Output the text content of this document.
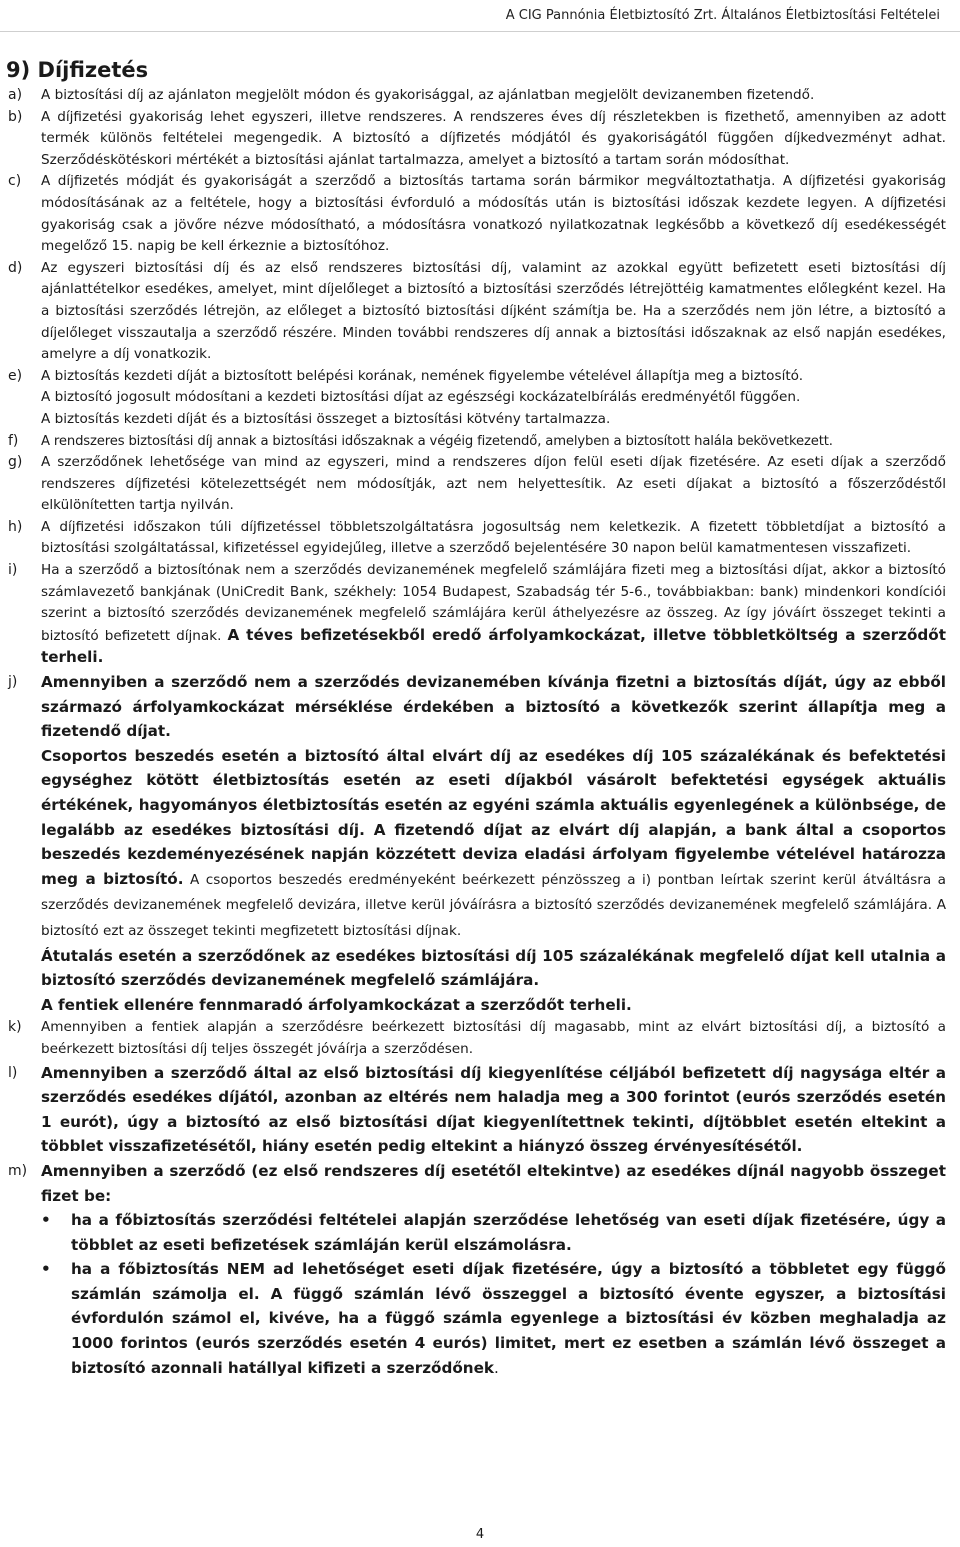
A CIG Pannónia Életbiztosító Zrt. Általános Életbiztosítási Feltételei
9) Díjfizetés
a)	A biztosítási díj az ajánlaton megjelölt módon és gyakorisággal, az ajánlatban megjelölt devizanemben fizetendő.
b)	A díjfizetési gyakoriság lehet egyszeri, illetve rendszeres. A rendszeres éves díj részletekben is fizethető, amennyiben az adott termék különös feltételei megengedik. A biztosító a díjfizetés módjától és gyakoriságától függően díjkedvezményt adhat. Szerződéskötéskori mértékét a biztosítási ajánlat tartalmazza, amelyet a biztosító a tartam során módosíthat.
c)	A díjfizetés módját és gyakoriságát a szerződő a biztosítás tartama során bármikor megváltoztathatja. A díjfizetési gyakoriság módosításának az a feltétele, hogy a biztosítási évforduló a módosítás után is biztosítási időszak kezdete legyen. A díjfizetési gyakoriság csak a jövőre nézve módosítható, a módosításra vonatkozó nyilatkozatnak legkésőbb a következő díj esedékességét megelőző 15. napig be kell érkeznie a biztosítóhoz.
d)	Az egyszeri biztosítási díj és az első rendszeres biztosítási díj, valamint az azokkal együtt befizetett eseti biztosítási díj ajánlattételkor esedékes, amelyet, mint díjelőleget a biztosító a biztosítási szerződés létrejöttéig kamatmentes előlegként kezel. Ha a biztosítási szerződés létrejön, az előleget a biztosító biztosítási díjként számítja be. Ha a szerződés nem jön létre, a biztosító a díjelőleget visszautalja a szerződő részére. Minden további rendszeres díj annak a biztosítási időszaknak az első napján esedékes, amelyre a díj vonatkozik.
e)	A biztosítás kezdeti díját a biztosított belépési korának, nemének figyelembe vételével állapítja meg a biztosító.

A biztosító jogosult módosítani a kezdeti biztosítási díjat az egészségi kockázatelbírálás eredményétől függően.

A biztosítás kezdeti díját és a biztosítási összeget a biztosítási kötvény tartalmazza.

f)	A rendszeres biztosítási díj annak a biztosítási időszaknak a végéig fizetendő, amelyben a biztosított halála bekövetkezett.
g)	A szerződőnek lehetősége van mind az egyszeri, mind a rendszeres díjon felül eseti díjak fizetésére. Az eseti díjak a szerződő rendszeres díjfizetési kötelezettségét nem módosítják, azt nem helyettesítik. Az eseti díjakat a biztosító a főszerződéstől elkülönítetten tartja nyilván.
h)	A díjfizetési időszakon túli díjfizetéssel többletszolgáltatásra jogosultság nem keletkezik. A fizetett többletdíjat a biztosító a biztosítási szolgáltatással, kifizetéssel egyidejűleg, illetve a szerződő bejelentésére 30 napon belül kamatmentesen visszafizeti.
i)	Ha a szerződő a biztosítónak nem a szerződés devizanemének megfelelő számlájára fizeti meg a biztosítási díjat, akkor a biztosító számlavezető bankjának (UniCredit Bank, székhely: 1054 Budapest, Szabadság tér 5-6., továbbiakban: bank) mindenkori kondíciói szerint a biztosító szerződés devizanemének megfelelő számlájára kerül áthelyezésre az összeg. Az így jóváírt összeget tekinti a biztosító befizetett díjnak. A téves befizetésekből eredő árfolyamkockázat, illetve többletköltség a szerződőt terheli.
j)	Amennyiben a szerződő nem a szerződés devizanemében kívánja fizetni a biztosítás díját, úgy az ebből származó árfolyamkockázat mérséklése érdekében a biztosító a következők szerint állapítja meg a fizetendő díjat.

Csoportos beszedés esetén a biztosító által elvárt díj az esedékes díj 105 százalékának és befektetési egységhez kötött életbiztosítás esetén az eseti díjakból vásárolt befektetési egységek aktuális értékének, hagyományos életbiztosítás esetén az egyéni számla aktuális egyenlegének a különbsége, de legalább az esedékes biztosítási díj. A fizetendő díjat az elvárt díj alapján, a bank által a csoportos beszedés kezdeményezésének napján közzétett deviza eladási árfolyam figyelembe vételével határozza meg a biztosító. A csoportos beszedés eredményeként beérkezett pénzösszeg a i) pontban leírtak szerint kerül átváltásra a szerződés devizanemének megfelelő devizára, illetve kerül jóváírásra a biztosító szerződés devizanemének megfelelő számlájára. A biztosító ezt az összeget tekinti megfizetett biztosítási díjnak.

Átutalás esetén a szerződőnek az esedékes biztosítási díj 105 százalékának megfelelő díjat kell utalnia a biztosító szerződés devizanemének megfelelő számlájára.

A fentiek ellenére fennmaradó árfolyamkockázat a szerződőt terheli.

k)	Amennyiben a fentiek alapján a szerződésre beérkezett biztosítási díj magasabb, mint az elvárt biztosítási díj, a biztosító a beérkezett biztosítási díj teljes összegét jóváírja a szerződésen.
l)	Amennyiben a szerződő által az első biztosítási díj kiegyenlítése céljából befizetett díj nagysága eltér a szerződés esedékes díjától, azonban az eltérés nem haladja meg a 300 forintot (eurós szerződés esetén 1 eurót), úgy a biztosító az első biztosítási díjat kiegyenlítettnek tekinti, díjtöbblet esetén eltekint a többlet visszafizetésétől, hiány esetén pedig eltekint a hiányzó összeg érvényesítésétől.
m) Amennyiben a szerződő (ez első rendszeres díj esetétől eltekintve) az esedékes díjnál nagyobb összeget fizet be:

• ha a főbiztosítás szerződési feltételei alapján szerződése lehetőség van eseti díjak fizetésére, úgy a többlet az eseti befizetések számláján kerül elszámolásra.
• ha a főbiztosítás NEM ad lehetőséget eseti díjak fizetésére, úgy a biztosító a többletet egy függő számlán számolja el. A függő számlán lévő összeggel a biztosító évente egyszer, a biztosítási évfordulón számol el, kivéve, ha a függő számla egyenlege a biztosítási év közben meghaladja az 1000 forintos (eurós szerződés esetén 4 eurós) limitet, mert ez esetben a számlán lévő összeget a biztosító azonnali hatállyal kifizeti a szerződőnek.
4
